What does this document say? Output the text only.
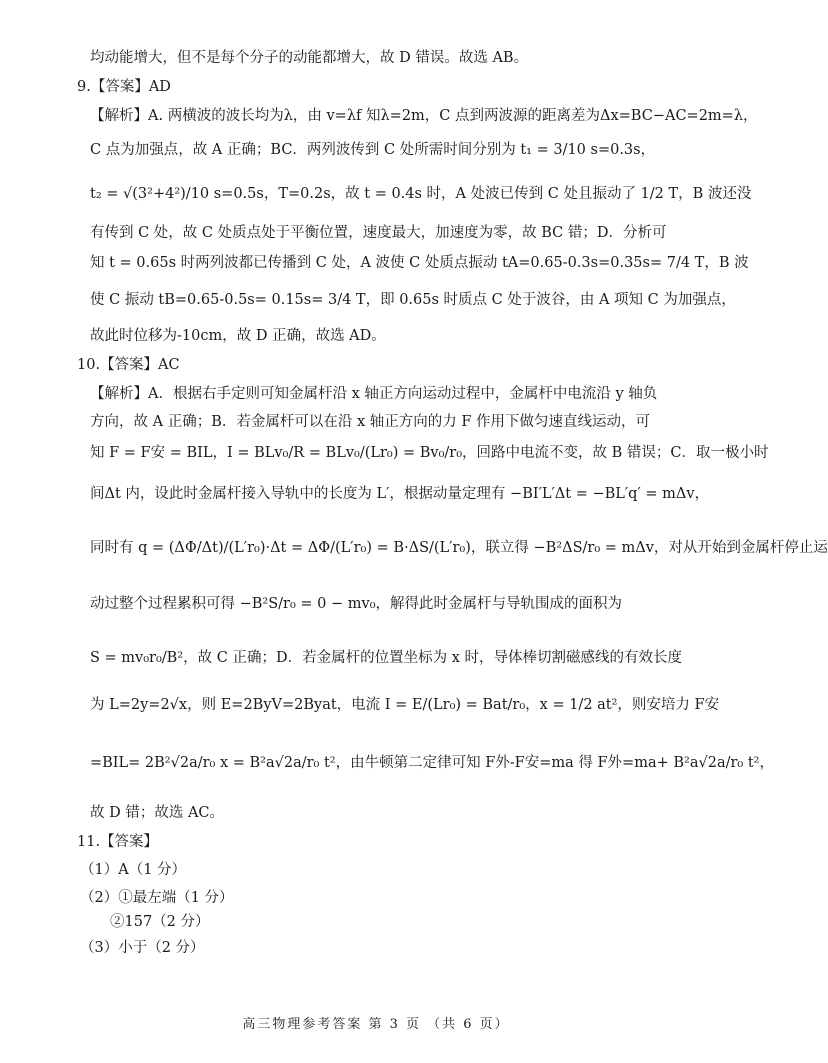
均动能增大，但不是每个分子的动能都增大，故 D 错误。故选 AB。
9.【答案】AD
【解析】A. 两横波的波长均为λ，由 v=λf 知λ=2m，C 点到两波源的距离差为Δx=BC−AC=2m=λ，
C 点为加强点，故 A 正确；BC．两列波传到 C 处所需时间分别为 t₁ = 3/10 s=0.3s，
t₂ = √(3²+4²)/10 s=0.5s，T=0.2s，故 t = 0.4s 时，A 处波已传到 C 处且振动了 1/2 T，B 波还没
有传到 C 处，故 C 处质点处于平衡位置，速度最大，加速度为零，故 BC 错；D．分析可
知 t = 0.65s 时两列波都已传播到 C 处，A 波使 C 处质点振动 tA=0.65-0.3s=0.35s= 7/4 T，B 波
使 C 振动 tB=0.65-0.5s= 0.15s= 3/4 T，即 0.65s 时质点 C 处于波谷，由 A 项知 C 为加强点，
故此时位移为-10cm，故 D 正确，故选 AD。
10.【答案】AC
【解析】A．根据右手定则可知金属杆沿 x 轴正方向运动过程中，金属杆中电流沿 y 轴负
方向，故 A 正确；B．若金属杆可以在沿 x 轴正方向的力 F 作用下做匀速直线运动，可
知 F = F安 = BIL，I = BLv₀/R = BLv₀/(Lr₀) = Bv₀/r₀，回路中电流不变，故 B 错误；C．取一极小时
间Δt 内，设此时金属杆接入导轨中的长度为 L′，根据动量定理有 −BI′L′Δt = −BL′q′ = mΔv，
同时有 q = (ΔΦ/Δt)/(L′r₀)·Δt = ΔΦ/(L′r₀) = B·ΔS/(L′r₀)，联立得 −B²ΔS/r₀ = mΔv，对从开始到金属杆停止运
动过整个过程累积可得 −B²S/r₀ = 0 − mv₀，解得此时金属杆与导轨围成的面积为
S = mv₀r₀/B²，故 C 正确；D．若金属杆的位置坐标为 x 时，导体棒切割磁感线的有效长度
为 L=2y=2√x，则 E=2ByV=2Byat，电流 I = E/(Lr₀) = Bat/r₀，x = 1/2 at²，则安培力 F安
=BIL= 2B²√2a/r₀ x = B²a√2a/r₀ t²，由牛顿第二定律可知 F外-F安=ma 得 F外=ma+ B²a√2a/r₀ t²，
故 D 错；故选 AC。
11.【答案】
（1）A（1 分）
（2）①最左端（1 分）
②157（2 分）
（3）小于（2 分）
高三物理参考答案 第 3 页 （共 6 页）
